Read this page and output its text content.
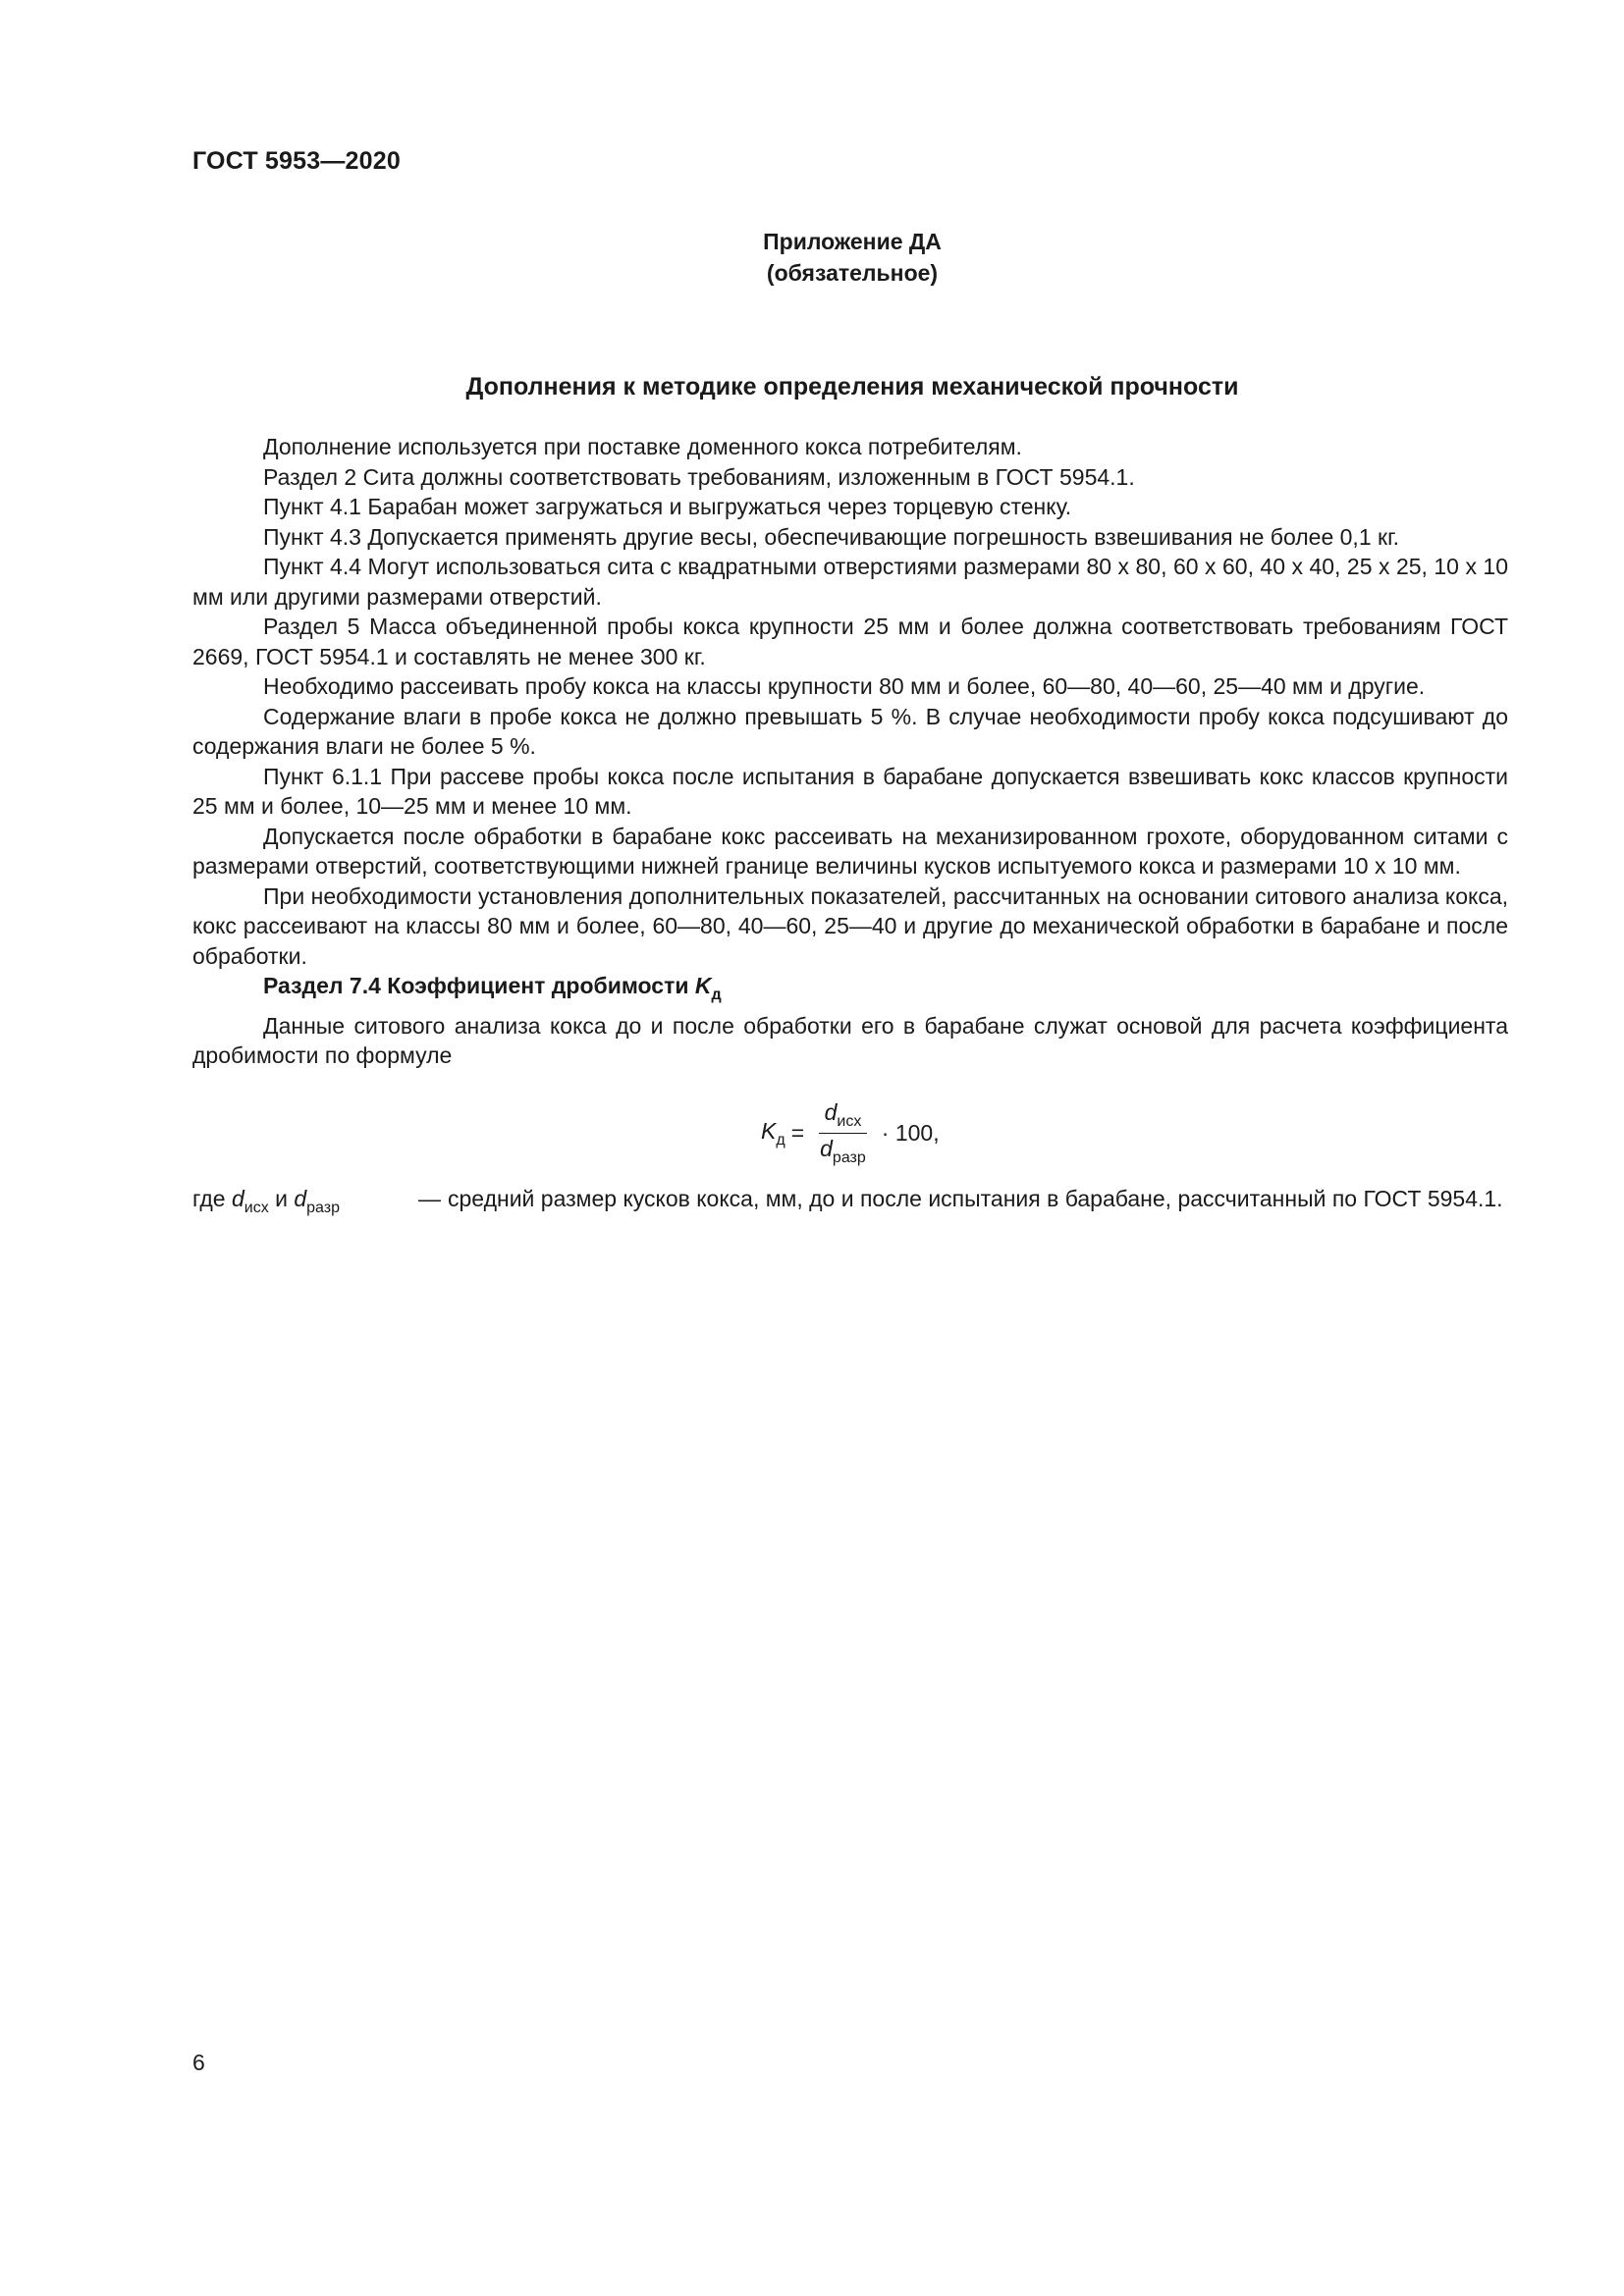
ГОСТ 5953—2020
Приложение ДА
(обязательное)
Дополнения к методике определения механической прочности

Дополнение используется при поставке доменного кокса потребителям.

Раздел 2 Сита должны соответствовать требованиям, изложенным в ГОСТ 5954.1.

Пункт 4.1 Барабан может загружаться и выгружаться через торцевую стенку.

Пункт 4.3 Допускается применять другие весы, обеспечивающие погрешность взвешивания не более 0,1 кг.

Пункт 4.4 Могут использоваться сита с квадратными отверстиями размерами 80 х 80, 60 х 60, 40 х 40, 25 х 25, 10 х 10 мм или другими размерами отверстий.

Раздел 5 Масса объединенной пробы кокса крупности 25 мм и более должна соответствовать требованиям ГОСТ 2669, ГОСТ 5954.1 и составлять не менее 300 кг.

Необходимо рассеивать пробу кокса на классы крупности 80 мм и более, 60—80, 40—60, 25—40 мм и другие.

Содержание влаги в пробе кокса не должно превышать 5 %. В случае необходимости пробу кокса подсушивают до содержания влаги не более 5 %.

Пункт 6.1.1 При рассеве пробы кокса после испытания в барабане допускается взвешивать кокс классов крупности 25 мм и более, 10—25 мм и менее 10 мм.

Допускается после обработки в барабане кокс рассеивать на механизированном грохоте, оборудованном ситами с размерами отверстий, соответствующими нижней границе величины кусков испытуемого кокса и размерами 10 х 10 мм.

При необходимости установления дополнительных показателей, рассчитанных на основании ситового анализа кокса, кокс рассеивают на классы 80 мм и более, 60—80, 40—60, 25—40 и другие до механической обработки в барабане и после обработки.

Раздел 7.4 Коэффициент дробимости $K_д$

Данные ситового анализа кокса до и после обработки его в барабане служат основой для расчета коэффициента дробимости по формуле

$K_д = \frac{d_{исх}}{d_{разр}} \cdot 100$,
где $d_{исх}$ и $d_{разр}$	— средний размер кусков кокса, мм, до и после испытания в барабане, рассчитанный по ГОСТ 5954.1.
6
